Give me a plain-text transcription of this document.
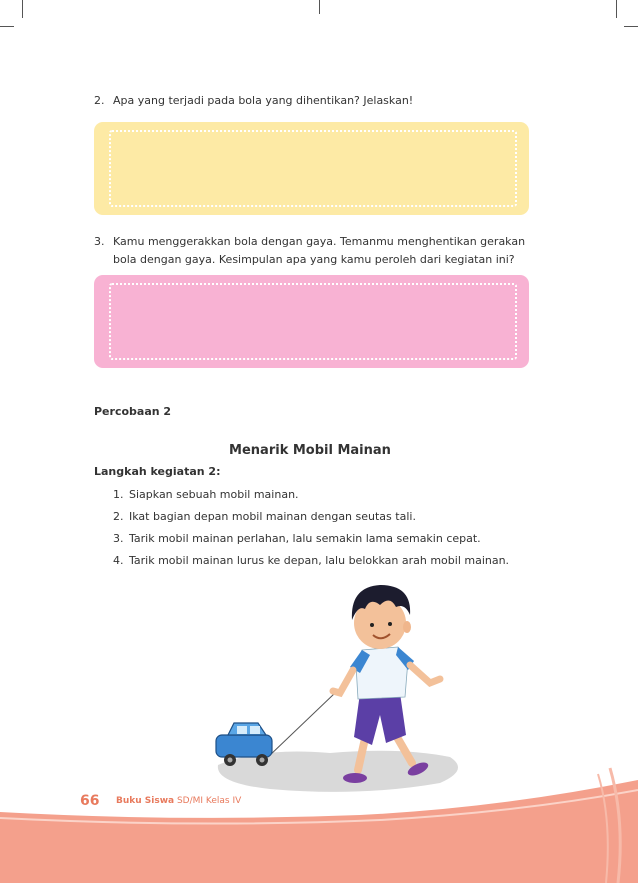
2. Apa yang terjadi pada bola yang dihentikan? Jelaskan!
3. Kamu menggerakkan bola dengan gaya. Temanmu menghentikan gerakan bola dengan gaya. Kesimpulan apa yang kamu peroleh dari kegiatan ini?
Percobaan 2
Menarik Mobil Mainan
Langkah kegiatan 2:
1. Siapkan sebuah mobil mainan.
2. Ikat bagian depan mobil mainan dengan seutas tali.
3. Tarik mobil mainan perlahan, lalu semakin lama semakin cepat.
4. Tarik mobil mainan lurus ke depan, lalu belokkan arah mobil mainan.
66 Buku Siswa SD/MI Kelas IV
